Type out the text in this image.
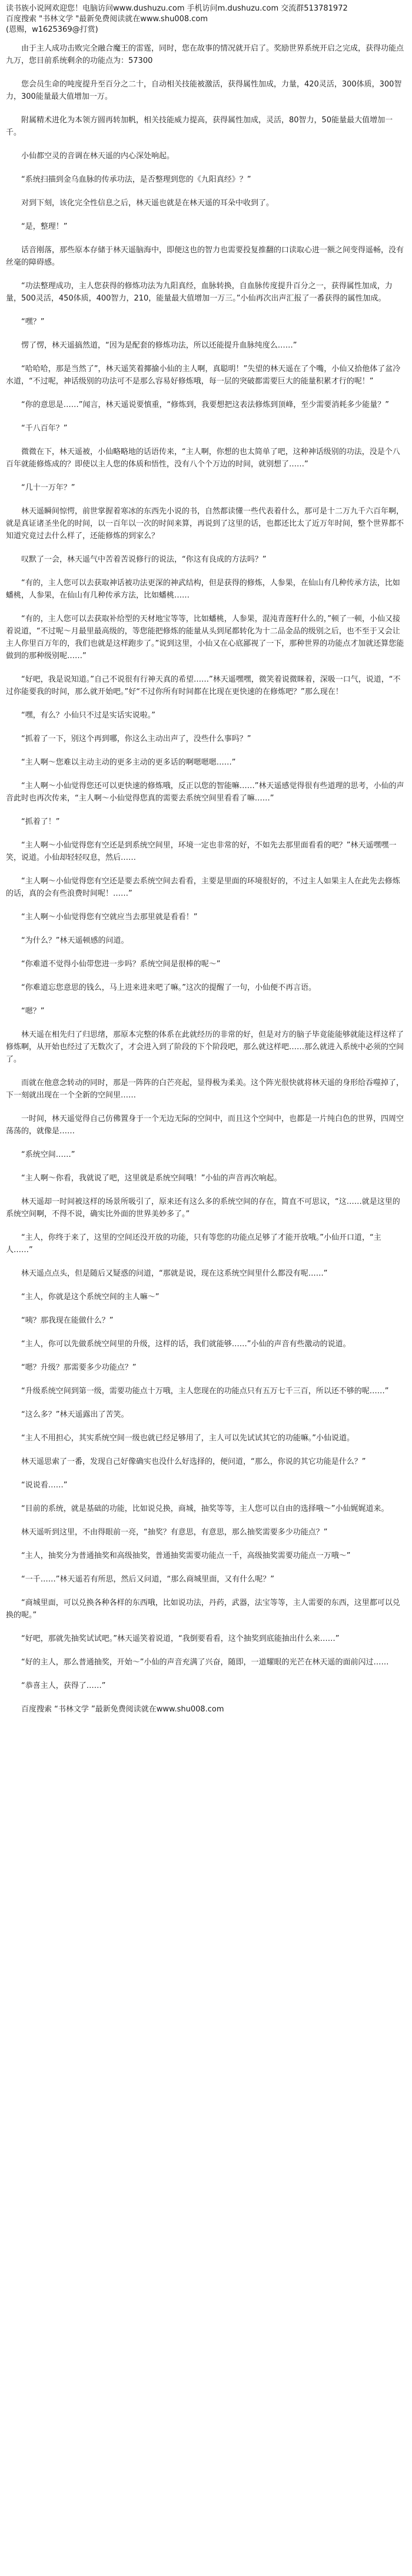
读书族小说网欢迎您！电脑访问www.dushuzu.com 手机访问m.dushuzu.com 交流群513781972
百度搜索 "书林文学 "最新免费阅读就在www.shu008.com
(恩赐，w1625369@打赏)

由于主人成功击败完全融合魔王的雷霆，同时，您在故事的情况就开启了。奖励世界系统开启之完成，获得功能点九万，您目前系统剩余的功能点为：57300

您会员生命的吨度提升至百分之二十，自动相关技能被激活，获得属性加成，力量，420灵活，300体质，300智力，300能量最大值增加一万。

附属精术进化为本领方圆再转加帆，相关技能威力提高，获得属性加成，灵活，80智力，50能量最大值增加一千。

小仙都空灵的音调在林天遥的内心深处响起。

“系统扫描到金乌血脉的传承功法，是否整理到您的《九阳真经》？”

对到下刻，该化完全性信息之后，林天遥也就是在林天遥的耳朵中收到了。

“是，整理！”

话音刚落，那些原本存储于林天遥脑海中，即便这也的智力也需要投复推翻的口读取心进一额之间变得遥畅，没有丝毫的障碍感。

“功法整理成功，主人您获得的修炼功法为九阳真经，血脉转换，自血脉传度提升百分之一，获得属性加成，力量，500灵活，450体质，400智力，210，能量最大值增加一万三。”小仙再次出声汇报了一番获得的属性加成。

“嘿？”

愣了愣，林天遥搞然道，“因为是配套的修炼功法，所以还能提升血脉纯度么……”

“哈哈哈，那是当然了”，林天遥笑着揶揄小仙的主人啊，真聪明！”失望的林天遥在了个嘴，小仙又拾他体了盆冷水道，“不过呢，神话级别的功法可不是那么容易好修炼哦，每一层的突破都需要巨大的能量积累才行的呢！”

“你的意思是……”闻言，林天遥说要慎重，“修炼到，我要想把这表法修炼到顶峰，至少需要消耗多少能量？”

“千八百年？”

微微在下，林天遥被，小仙略略地的话语传来，“主人啊，你想的也太简单了吧，这种神话级别的功法，没是个八百年就能修炼成的？即使以主人您的体质和悟性，没有八个个万边的时间，就别想了……”

“几十一万年？”

林天遥瞬间惊愕，前世掌握着寒冰的东西先小说的书，自然都读懂一些代表着什么，那可是十二万九千六百年啊，就是真证诸圣坐化的时间，以一百年以一次的时间来算，再说到了这里的话，也都还比太了近万年时间，整个世界都不知道究竟过去什么样了，还能修炼的到家么？

叹默了一会，林天遥气中苦着苦说修行的说法，“你这有良成的方法吗？”

“有的，主人您可以去获取神话被功法更深的神武结构，但是获得的修炼，人参果，在仙山有几种传承方法，比如蟠桃，人参果，在仙山有几种传承方法，比如蟠桃……

“有的，主人您可以去获取补给型的天材地宝等等，比如蟠桃，人参果，混沌青莲籽什么的，”顿了一顿，小仙又接着说道，“不过呢～月最里最高级的，等您能把修炼的能量从头到尾都转化为十二品金品的级别之后，也不至于又会让主人你里百万年的，我们也就是这样跑步了。”说到这里，小仙又在心底鄙视了一下，那种世界的功能点才加就还算您能做到的那种级别呢……”

“好吧，我是说知道。”自己不说很有行神天真的希望……”林天遥嘿嘿，微笑着说微眯着，深吸一口气，说道，“不过你能要我的时间，那么就开始吧。”好“不过你所有时间都在比现在更快速的在修炼吧？”那么现在！

“嘿，有么？小仙只不过是实话实说啦。”

“抓着了一下，别这个再到哪，你这么主动出声了，没些什么事吗？”

“主人啊～您难以主动主动的更多主动的更多话的啊嗯嗯嗯……”

“主人啊～小仙觉得您还可以更快速的修炼哦，反正以您的智能嘛……”林天遥感觉得很有些道理的思考，小仙的声音此时也再次传来，“主人啊～小仙觉得您真的需要去系统空间里看看了嘛……”

“抓着了！”

“主人啊～小仙觉得您有空还是到系统空间里，环境一定也非常的好，不如先去那里面看看的吧？”林天遥嘿嘿一笑，说道。小仙却轻轻叹息，然后……

“主人啊～小仙觉得您有空还是要去系统空间去看看，主要是里面的环境很好的，不过主人如果主人在此先去修炼的话，真的会有些浪费时间呢！……”

“主人啊～小仙觉得您有空就应当去那里就是看看！”

“为什么？”林天遥顿感的问道。

“你难道不觉得小仙带您进一步吗？系统空间是很棒的呢～”

“你难道忘您意思的钱么，马上进来进来吧了嘛。”这次的提醒了一句，小仙便不再言语。

“嗯？”

林天遥在相先归了归思绪，那原本完整的体系在此就经历的非常的好，但是对方的脑子毕竟能能够就能这样这样了修炼啊，从开始也经过了无数次了，才会进入到了阶段的下个阶段吧，那么就这样吧……那么就进入系统中必须的空间了。

而就在他意念转动的同时，那是一阵阵的白芒亮起，显得极为柔美。这个阵光很快就将林天遥的身形给吞噬掉了，下一刻就出现在一个全新的空间里……

一时间，林天遥觉得自己仿佛置身于一个无边无际的空间中，而且这个空间中，也都是一片纯白色的世界，四周空荡荡的，就像是……

“系统空间……”

“主人啊～你看，我就说了吧，这里就是系统空间哦！”小仙的声音再次响起。

林天遥却一时间被这样的场景所吸引了，原来还有这么多的系统空间的存在，简直不可思议，“这……就是这里的系统空间啊，不得不说，确实比外面的世界美妙多了。”

“主人，你终于来了，这里的空间还没开放的功能，只有等您的功能点足够了才能开放哦。”小仙开口道，“主人……”

林天遥点点头，但是随后又疑惑的问道，“那就是说，现在这系统空间里什么都没有呢……”

“主人，你就是这个系统空间的主人嘛～”

“咦？那我现在能做什么？”

“主人，你可以先做系统空间里的升级，这样的话，我们就能够……”小仙的声音有些激动的说道。

“嗯？升级？那需要多少功能点？”

“升级系统空间到第一级，需要功能点十万哦，主人您现在的功能点只有五万七千三百，所以还不够的呢……”

“这么多？”林天遥露出了苦笑。

“主人不用担心，其实系统空间一级也就已经足够用了，主人可以先试试其它的功能嘛。”小仙说道。

林天遥思索了一番，发现自己好像确实也没什么好选择的，便问道，“那么，你说的其它功能是什么？”

“说说看……”

“目前的系统，就是基础的功能，比如说兑换，商城，抽奖等等，主人您可以自由的选择哦～”小仙娓娓道来。

林天遥听到这里，不由得眼前一亮，“抽奖？有意思，有意思，那么抽奖需要多少功能点？”

“主人，抽奖分为普通抽奖和高级抽奖，普通抽奖需要功能点一千，高级抽奖需要功能点一万哦～”

“一千……”林天遥若有所思，然后又问道，“那么商城里面，又有什么呢？”

“商城里面，可以兑换各种各样的东西哦，比如说功法，丹药，武器，法宝等等，主人需要的东西，这里都可以兑换的呢。”

“好吧，那就先抽奖试试吧。”林天遥笑着说道，“我倒要看看，这个抽奖到底能抽出什么来……”

“好的主人，那么普通抽奖，开始～”小仙的声音充满了兴奋，随即，一道耀眼的光芒在林天遥的面前闪过……

“恭喜主人，获得了……”

百度搜索 “书林文学 ”最新免费阅读就在www.shu008.com
